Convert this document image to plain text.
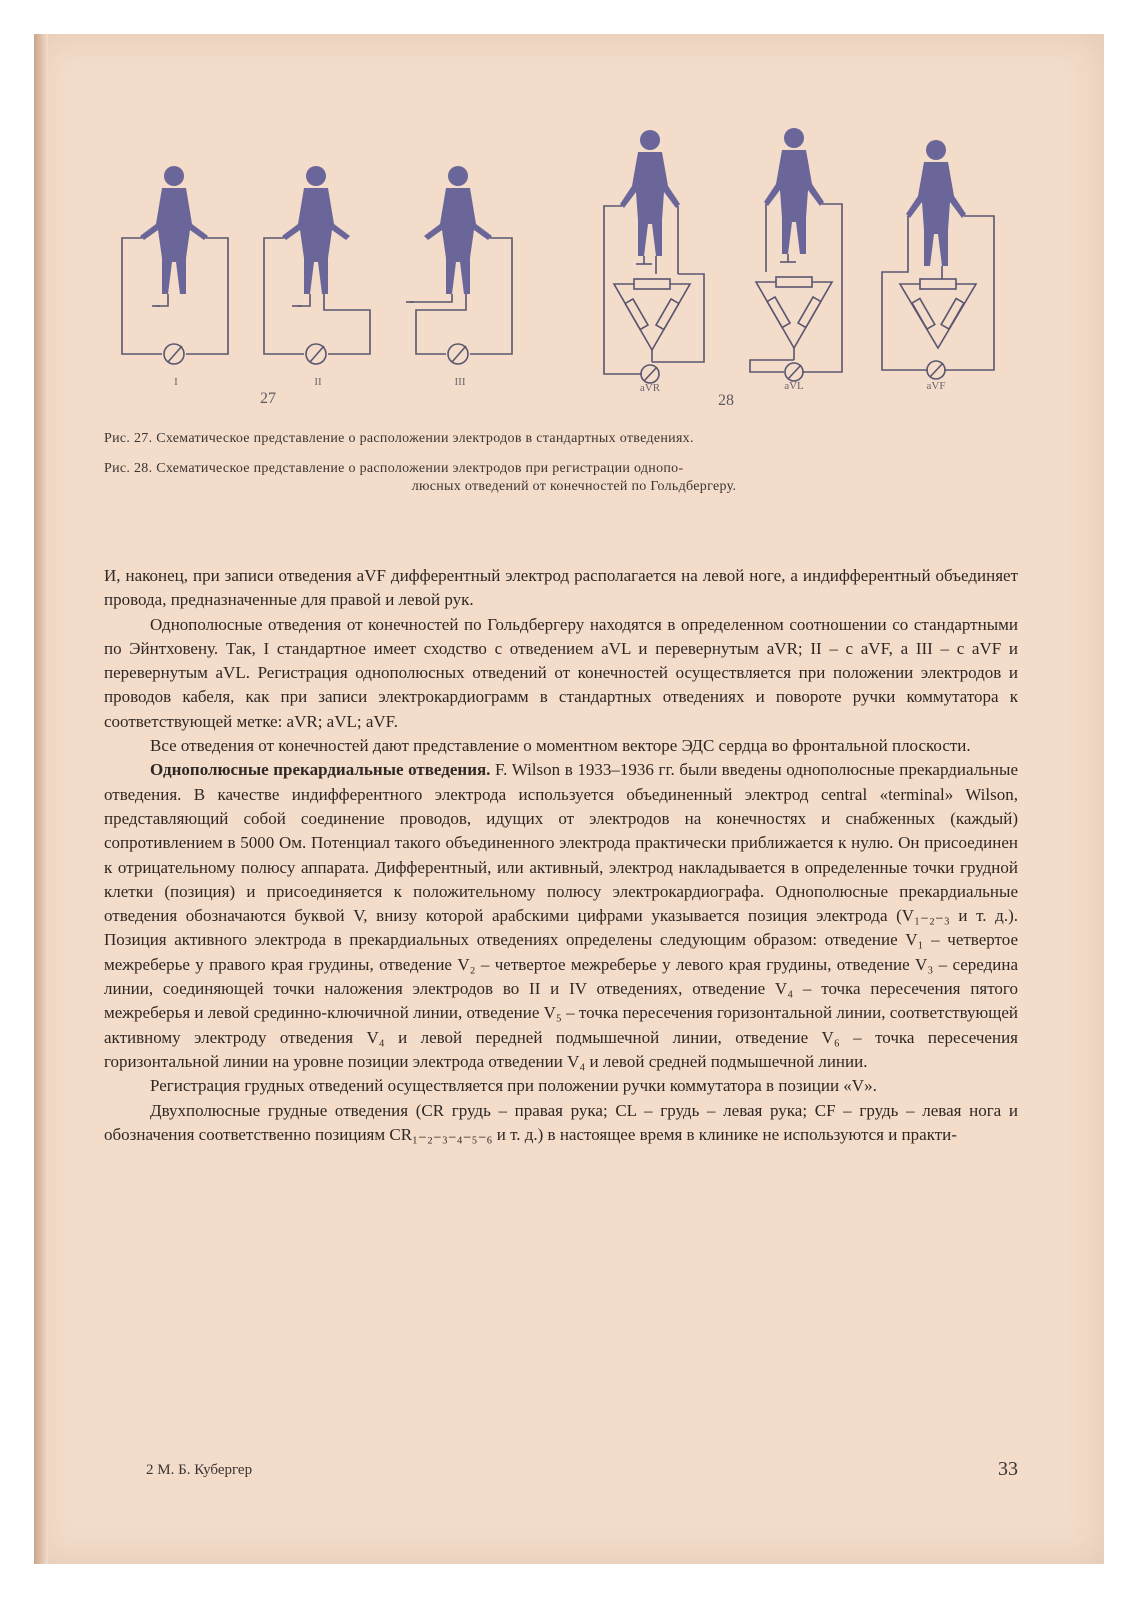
I	II	III
27
aVR	aVL	aVF
28

Рис. 27. Схематическое представление о расположении электродов в стандартных отведениях.

Рис. 28. Схематическое представление о расположении электродов при регистрации однопо-
люсных отведений от конечностей по Гольдбергеру.

И, наконец, при записи отведения aVF дифферентный электрод располагается на левой ноге, а индифферентный объединяет провода, предназначенные для правой и левой рук.

Однополюсные отведения от конечностей по Гольдбергеру находятся в определенном соотношении со стандартными по Эйнтховену. Так, I стандартное имеет сходство с отведением aVL и перевернутым aVR; II – с aVF, а III – с aVF и перевернутым aVL. Регистрация однополюсных отведений от конечностей осуществляется при положении электродов и проводов кабеля, как при записи электрокардиограмм в стандартных отведениях и повороте ручки коммутатора к соответствующей метке: aVR; aVL; aVF.

Все отведения от конечностей дают представление о моментном векторе ЭДС сердца во фронтальной плоскости.

Однополюсные прекардиальные отведения. F. Wilson в 1933–1936 гг. были введены однополюсные прекардиальные отведения. В качестве индифферентного электрода используется объединенный электрод central «terminal» Wilson, представляющий собой соединение проводов, идущих от электродов на конечностях и снабженных (каждый) сопротивлением в 5000 Ом. Потенциал такого объединенного электрода практически приближается к нулю. Он присоединен к отрицательному полюсу аппарата. Дифферентный, или активный, электрод накладывается в определенные точки грудной клетки (позиция) и присоединяется к положительному полюсу электрокардиографа. Однополюсные прекардиальные отведения обозначаются буквой V, внизу которой арабскими цифрами указывается позиция электрода (V₁₋₂₋₃ и т. д.). Позиция активного электрода в прекардиальных отведениях определены следующим образом: отведение V₁ – четвертое межреберье у правого края грудины, отведение V₂ – четвертое межреберье у левого края грудины, отведение V₃ – середина линии, соединяющей точки наложения электродов во II и IV отведениях, отведение V₄ – точка пересечения пятого межреберья и левой срединно-ключичной линии, отведение V₅ – точка пересечения горизонтальной линии, соответствующей активному электроду отведения V₄ и левой передней подмышечной линии, отведение V₆ – точка пересечения горизонтальной линии на уровне позиции электрода отведении V₄ и левой средней подмышечной линии.

Регистрация грудных отведений осуществляется при положении ручки коммутатора в позиции «V».

Двухполюсные грудные отведения (CR грудь – правая рука; CL – грудь – левая рука; CF – грудь – левая нога и обозначения соответственно позициям CR₁₋₂₋₃₋₄₋₅₋₆ и т. д.) в настоящее время в клинике не используются и практи-

2 М. Б. Кубергер	33
